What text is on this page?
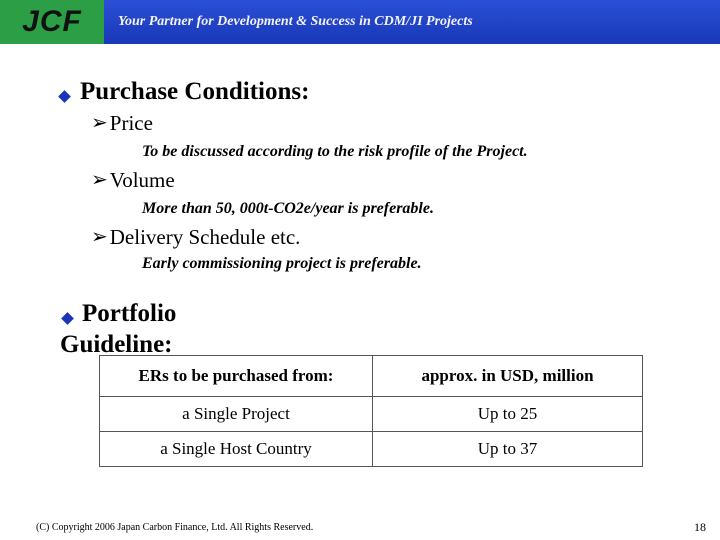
JCF	Your Partner for Development & Success in CDM/JI Projects
Purchase Conditions:
➢ Price
To be discussed according to the risk profile of the Project.
➢ Volume
More than 50, 000t-CO2e/year is preferable.
➢ Delivery Schedule etc.
Early commissioning project is preferable.
Portfolio
Guideline:
ERs to be purchased from:	approx. in USD, million
a Single Project	Up to 25
a Single Host Country	Up to 37
(C) Copyright 2006 Japan Carbon Finance, Ltd. All Rights Reserved.	18
